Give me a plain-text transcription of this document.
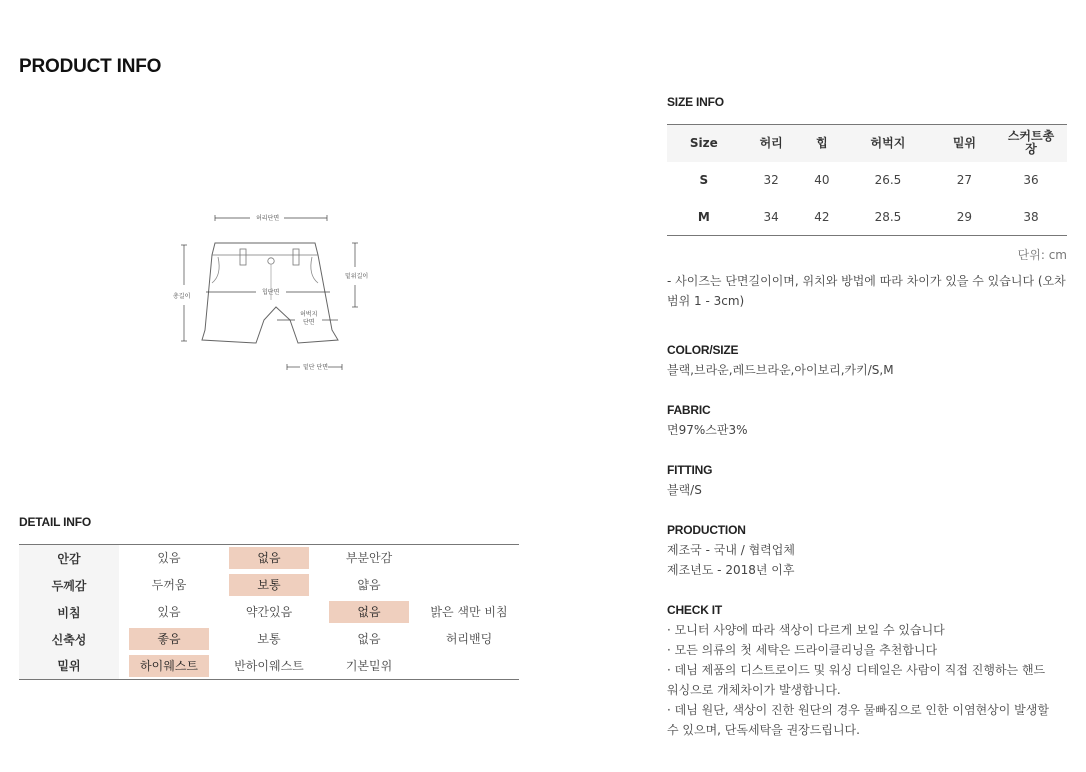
PRODUCT INFO
허리단면
힙단면
총길이
밑위길이
허벅지
단면
밑단 단면
DETAIL INFO
안감	있음	없음	부분안감	
두께감	두꺼움	보통	얇음	
비침	있음	약간있음	없음	밝은 색만 비침
신축성	좋음	보통	없음	허리밴딩
밑위	하이웨스트	반하이웨스트	기본밑위	
SIZE INFO
Size	허리	힙	허벅지	밑위	스커트총
장
S	32	40	26.5	27	36
M	34	42	28.5	29	38
단위: cm
- 사이즈는 단면길이이며, 위치와 방법에 따라 차이가 있을 수 있습니다 (오차범위 1 - 3cm)
COLOR/SIZE
블랙,브라운,레드브라운,아이보리,카키/S,M
FABRIC
면97%스판3%
FITTING
블랙/S
PRODUCTION
제조국 - 국내 / 협력업체
제조년도 - 2018년 이후
CHECK IT
· 모니터 사양에 따라 색상이 다르게 보일 수 있습니다
· 모든 의류의 첫 세탁은 드라이클리닝을 추천합니다
· 데님 제품의 디스트로이드 및 워싱 디테일은 사람이 직접 진행하는 핸드
워싱으로 개체차이가 발생합니다.
· 데님 원단, 색상이 진한 원단의 경우 물빠짐으로 인한 이염현상이 발생할
수 있으며, 단독세탁을 권장드립니다.
